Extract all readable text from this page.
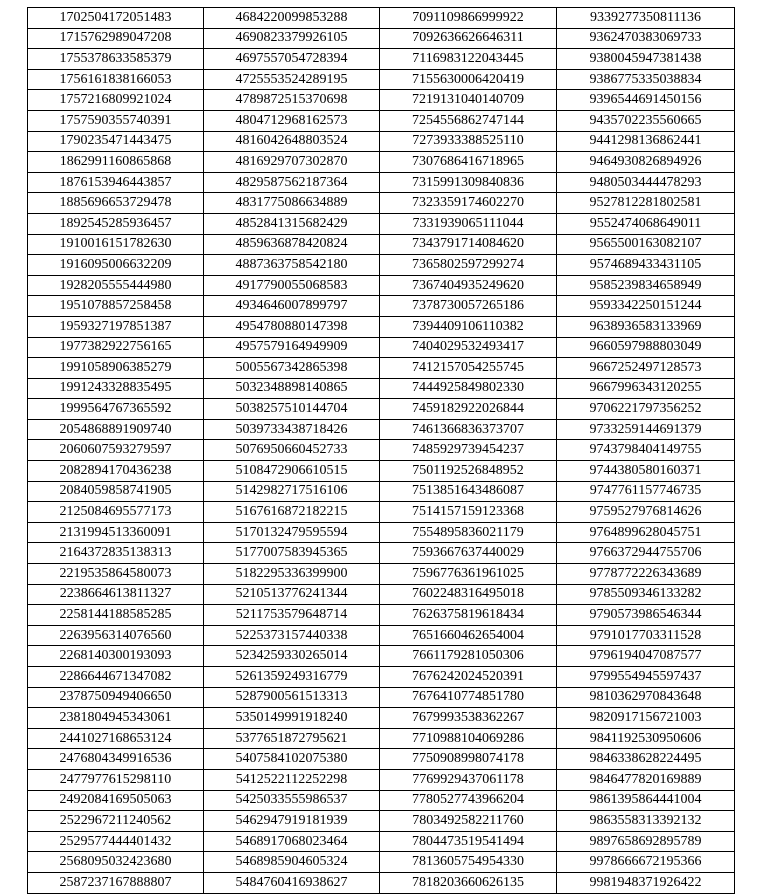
1702504172051483	4684220099853288	7091109866999922	9339277350811136
1715762989047208	4690823379926105	7092636626646311	9362470383069733
1755378633585379	4697557054728394	7116983122043445	9380045947381438
1756161838166053	4725553524289195	7155630006420419	9386775335038834
1757216809921024	4789872515370698	7219131040140709	9396544691450156
1757590355740391	4804712968162573	7254556862747144	9435702235560665
1790235471443475	4816042648803524	7273933388525110	9441298136862441
1862991160865868	4816929707302870	7307686416718965	9464930826894926
1876153946443857	4829587562187364	7315991309840836	9480503444478293
1885696653729478	4831775086634889	7323359174602270	9527812281802581
1892545285936457	4852841315682429	7331939065111044	9552474068649011
1910016151782630	4859636878420824	7343791714084620	9565500163082107
1916095006632209	4887363758542180	7365802597299274	9574689433431105
1928205555444980	4917790055068583	7367404935249620	9585239834658949
1951078857258458	4934646007899797	7378730057265186	9593342250151244
1959327197851387	4954780880147398	7394409106110382	9638936583133969
1977382922756165	4957579164949909	7404029532493417	9660597988803049
1991058906385279	5005567342865398	7412157054255745	9667252497128573
1991243328835495	5032348898140865	7444925849802330	9667996343120255
1999564767365592	5038257510144704	7459182922026844	9706221797356252
2054868891909740	5039733438718426	7461366836373707	9733259144691379
2060607593279597	5076950660452733	7485929739454237	9743798404149755
2082894170436238	5108472906610515	7501192526848952	9744380580160371
2084059858741905	5142982717516106	7513851643486087	9747761157746735
2125084695577173	5167616872182215	7514157159123368	9759527976814626
2131994513360091	5170132479595594	7554895836021179	9764899628045751
2164372835138313	5177007583945365	7593667637440029	9766372944755706
2219535864580073	5182295336399900	7596776361961025	9778772226343689
2238664613811327	5210513776241344	7602248316495018	9785509346133282
2258144188585285	5211753579648714	7626375819618434	9790573986546344
2263956314076560	5225373157440338	7651660462654004	9791017703311528
2268140300193093	5234259330265014	7661179281050306	9796194047087577
2286644671347082	5261359249316779	7676242024520391	9799554945597437
2378750949406650	5287900561513313	7676410774851780	9810362970843648
2381804945343061	5350149991918240	7679993538362267	9820917156721003
2441027168653124	5377651872795621	7710988104069286	9841192530950606
2476804349916536	5407584102075380	7750908998074178	9846338628224495
2477977615298110	5412522112252298	7769929437061178	9846477820169889
2492084169505063	5425033555986537	7780527743966204	9861395864441004
2522967211240562	5462947919181939	7803492582211760	9863558313392132
2529577444401432	5468917068023464	7804473519541494	9897658692895789
2568095032423680	5468985904605324	7813605754954330	9978666672195366
2587237167888807	5484760416938627	7818203660626135	9981948371926422
